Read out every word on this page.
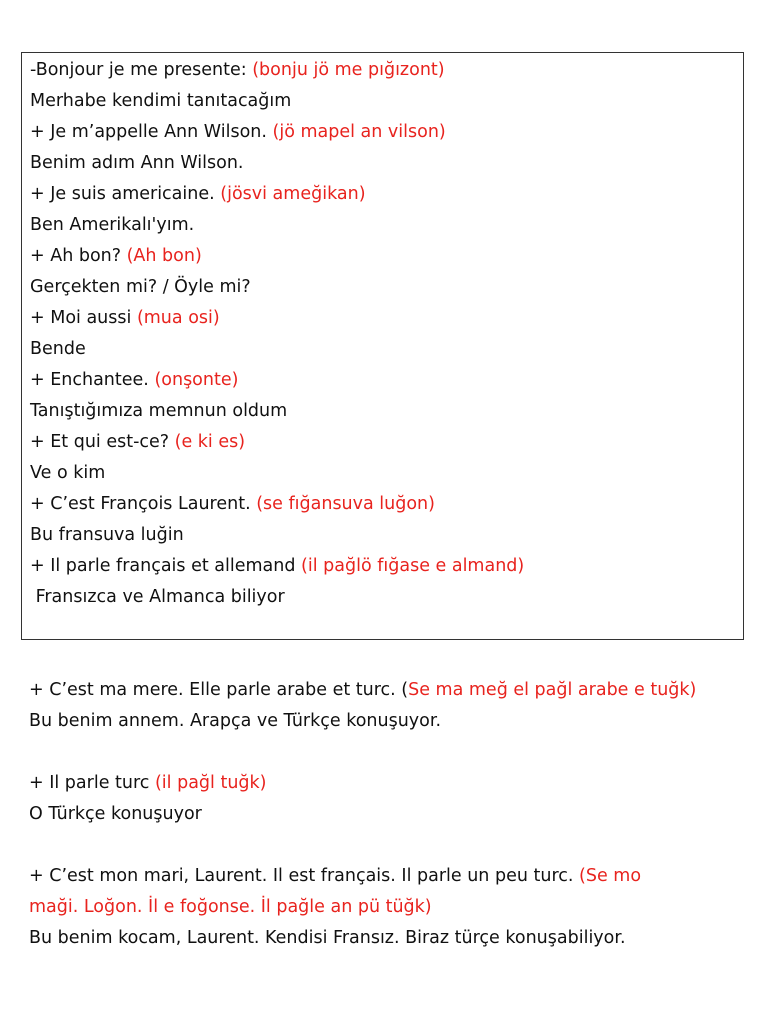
-Bonjour je me presente: (bonju jö me pığızont)
Merhabe kendimi tanıtacağım
+ Je m’appelle Ann Wilson. (jö mapel an vilson)
Benim adım Ann Wilson.
+ Je suis americaine. (jösvi ameğikan)
Ben Amerikalı'yım.
+ Ah bon? (Ah bon)
Gerçekten mi? / Öyle mi?
+ Moi aussi (mua osi)
Bende
+ Enchantee. (onşonte)
Tanıştığımıza memnun oldum
+ Et qui est-ce? (e ki es)
Ve o kim
+ C’est François Laurent. (se fığansuva luğon)
Bu fransuva luğin
+ Il parle français et allemand (il pağlö fığase e almand)
Fransızca ve Almanca biliyor
+ C’est ma mere. Elle parle arabe et turc. (Se ma meğ el pağl arabe e tuğk)
Bu benim annem. Arapça ve Türkçe konuşuyor.
+ Il parle turc (il pağl tuğk)
O Türkçe konuşuyor
+ C’est mon mari, Laurent. Il est français. Il parle un peu turc. (Se mo
maği. Loğon. İl e foğonse. İl pağle an pü tüğk)
Bu benim kocam, Laurent. Kendisi Fransız. Biraz türçe konuşabiliyor.
